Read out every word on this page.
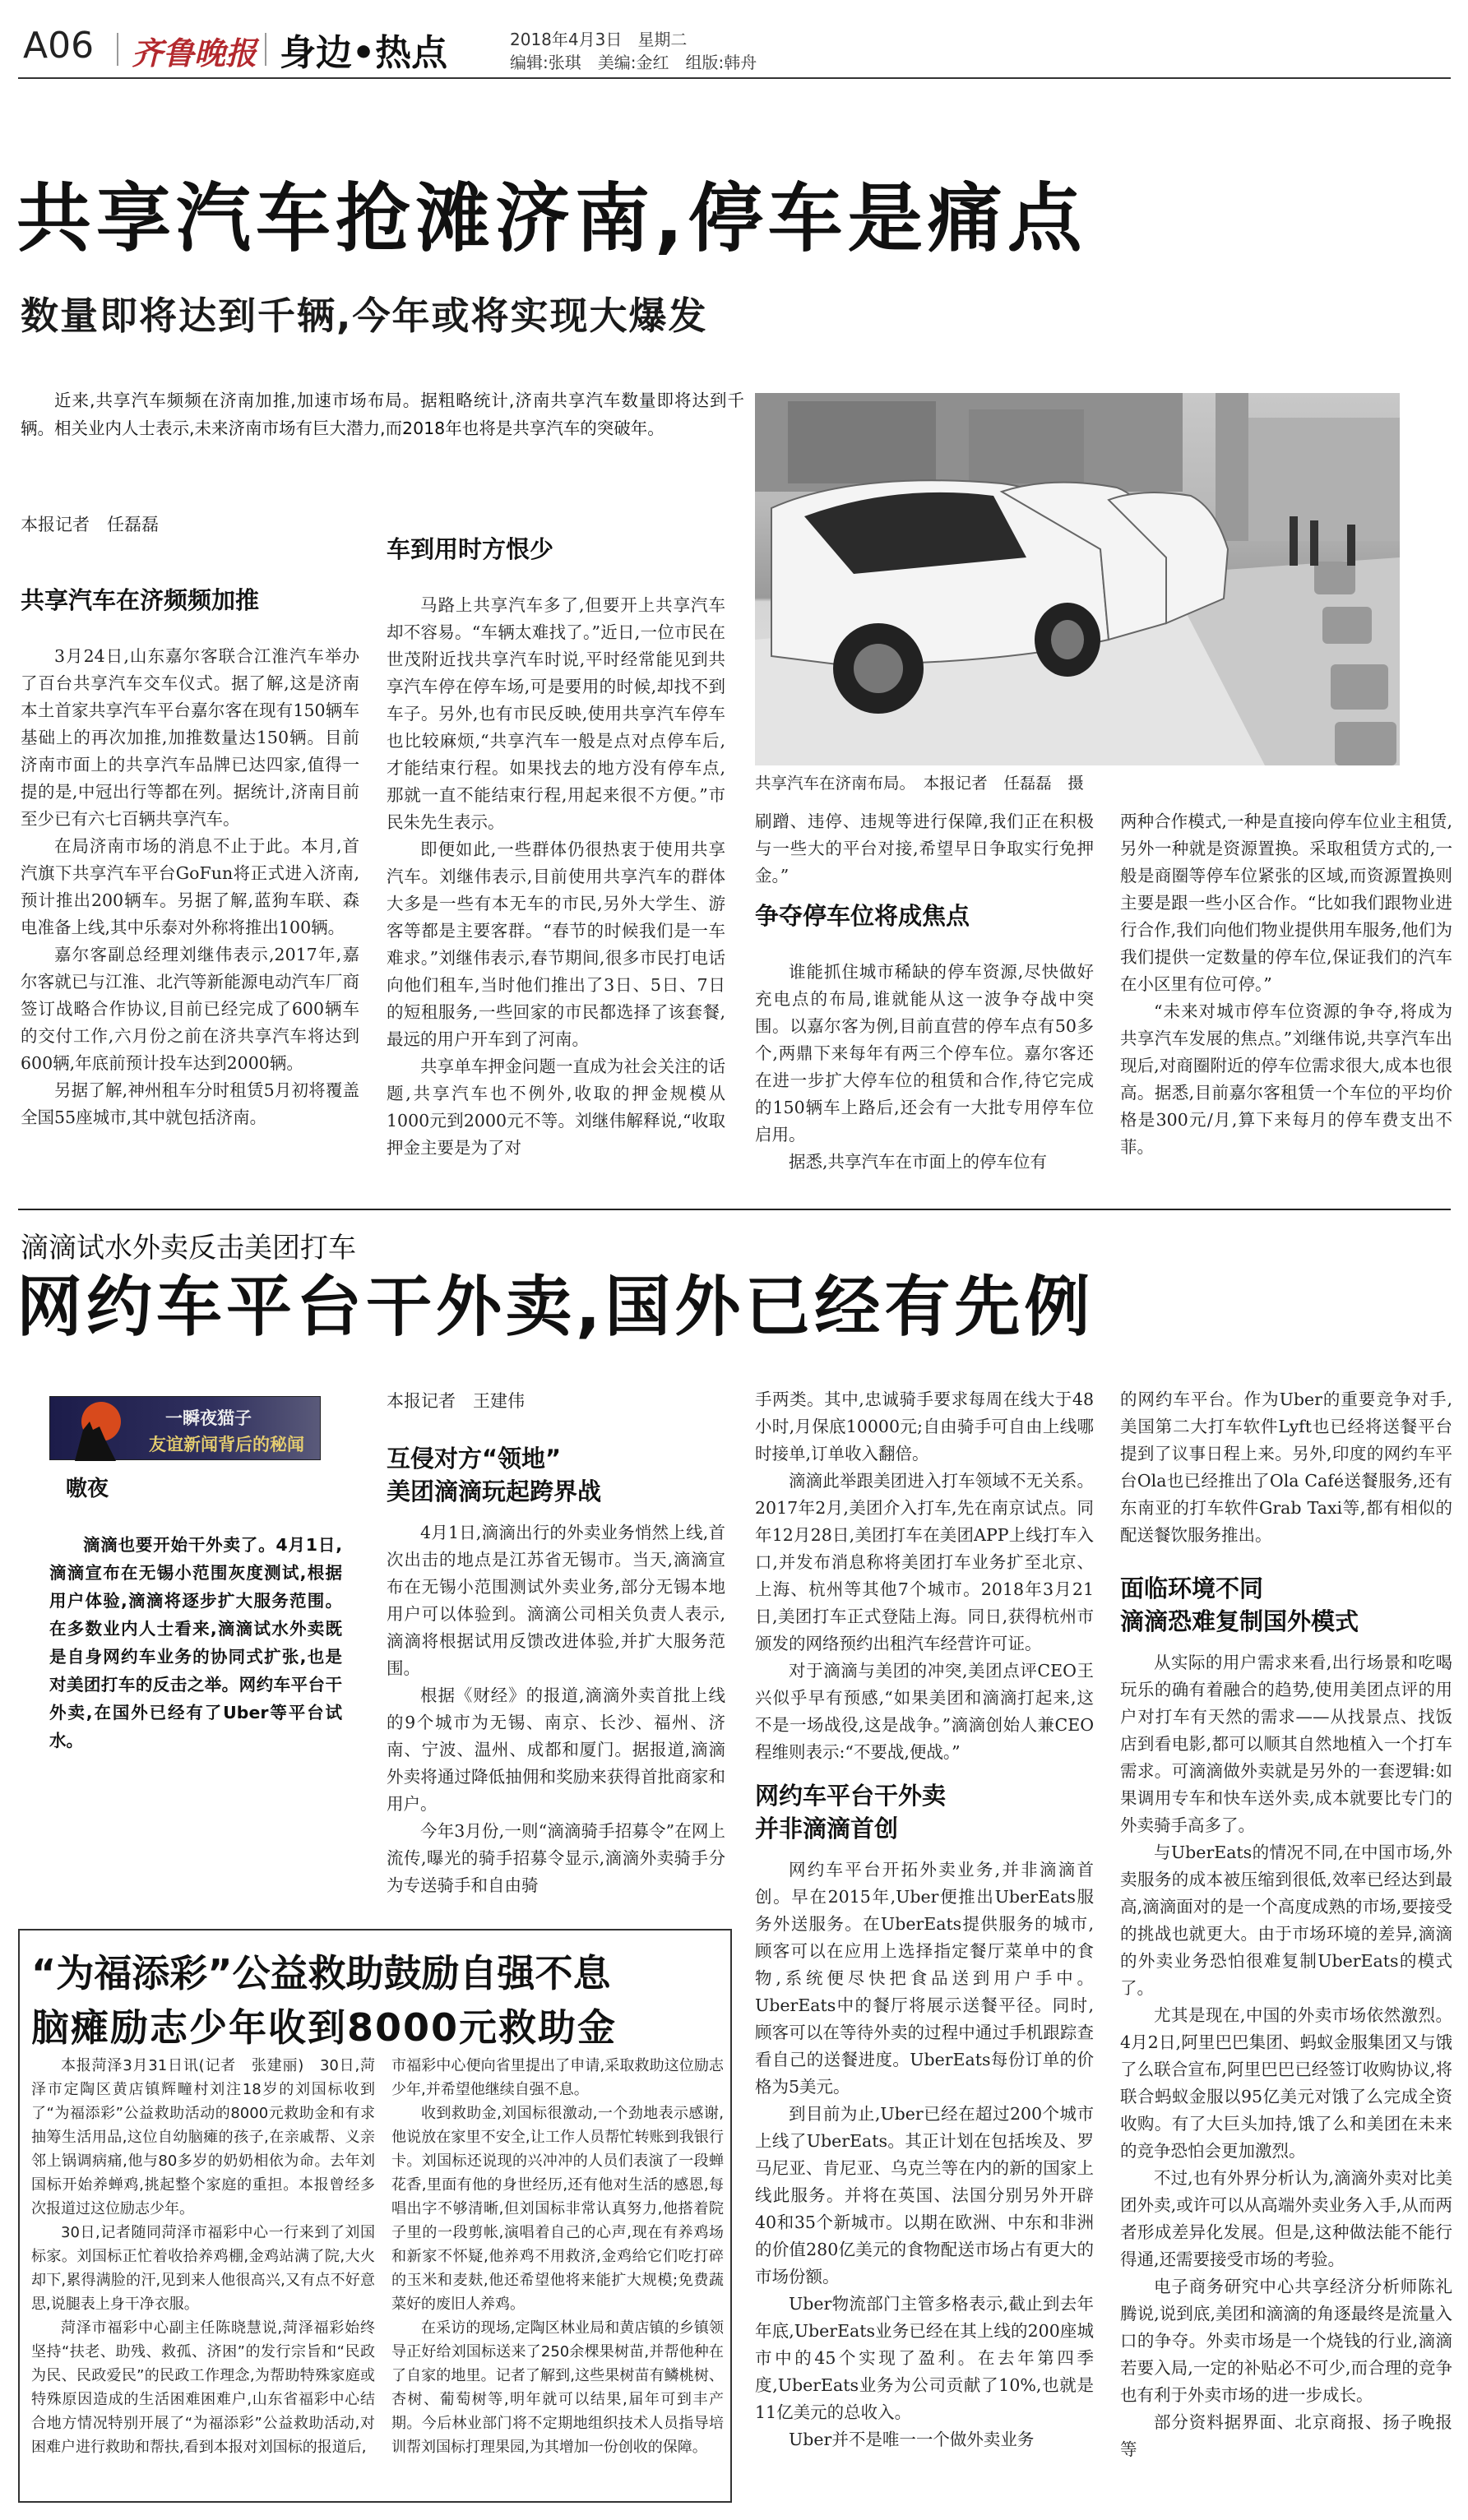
A06 齐鲁晚报 身边•热点	2018年4月3日 星期二
编辑:张琪　美编:金红　组版:韩舟
共享汽车抢滩济南,停车是痛点
数量即将达到千辆,今年或将实现大爆发

近来,共享汽车频频在济南加推,加速市场布局。据粗略统计,济南共享汽车数量即将达到千辆。相关业内人士表示,未来济南市场有巨大潜力,而2018年也将是共享汽车的突破年。

共享汽车在济南布局。　本报记者　任磊磊　摄
本报记者　任磊磊
共享汽车在济频频加推

3月24日,山东嘉尔客联合江淮汽车举办了百台共享汽车交车仪式。据了解,这是济南本土首家共享汽车平台嘉尔客在现有150辆车基础上的再次加推,加推数量达150辆。目前济南市面上的共享汽车品牌已达四家,值得一提的是,中冠出行等都在列。据统计,济南目前至少已有六七百辆共享汽车。

在局济南市场的消息不止于此。本月,首汽旗下共享汽车平台GoFun将正式进入济南,预计推出200辆车。另据了解,蓝狗车联、森电准备上线,其中乐泰对外称将推出100辆。

嘉尔客副总经理刘继伟表示,2017年,嘉尔客就已与江淮、北汽等新能源电动汽车厂商签订战略合作协议,目前已经完成了600辆车的交付工作,六月份之前在济共享汽车将达到600辆,年底前预计投车达到2000辆。

另据了解,神州租车分时租赁5月初将覆盖全国55座城市,其中就包括济南。

车到用时方恨少

马路上共享汽车多了,但要开上共享汽车却不容易。“车辆太难找了。”近日,一位市民在世茂附近找共享汽车时说,平时经常能见到共享汽车停在停车场,可是要用的时候,却找不到车子。另外,也有市民反映,使用共享汽车停车也比较麻烦,“共享汽车一般是点对点停车后,才能结束行程。如果找去的地方没有停车点,那就一直不能结束行程,用起来很不方便。”市民朱先生表示。

即便如此,一些群体仍很热衷于使用共享汽车。刘继伟表示,目前使用共享汽车的群体大多是一些有本无车的市民,另外大学生、游客等都是主要客群。“春节的时候我们是一车难求。”刘继伟表示,春节期间,很多市民打电话向他们租车,当时他们推出了3日、5日、7日的短租服务,一些回家的市民都选择了该套餐,最远的用户开车到了河南。

共享单车押金问题一直成为社会关注的话题,共享汽车也不例外,收取的押金规模从1000元到2000元不等。刘继伟解释说,“收取押金主要是为了对

刷蹭、违停、违规等进行保障,我们正在积极与一些大的平台对接,希望早日争取实行免押金。”

争夺停车位将成焦点

谁能抓住城市稀缺的停车资源,尽快做好充电点的布局,谁就能从这一波争夺战中突围。以嘉尔客为例,目前直营的停车点有50多个,两鼎下来每年有两三个停车位。嘉尔客还在进一步扩大停车位的租赁和合作,待它完成的150辆车上路后,还会有一大批专用停车位启用。

据悉,共享汽车在市面上的停车位有

两种合作模式,一种是直接向停车位业主租赁,另外一种就是资源置换。采取租赁方式的,一般是商圈等停车位紧张的区域,而资源置换则主要是跟一些小区合作。“比如我们跟物业进行合作,我们向他们物业提供用车服务,他们为我们提供一定数量的停车位,保证我们的汽车在小区里有位可停。”

“未来对城市停车位资源的争夺,将成为共享汽车发展的焦点。”刘继伟说,共享汽车出现后,对商圈附近的停车位需求很大,成本也很高。据悉,目前嘉尔客租赁一个车位的平均价格是300元/月,算下来每月的停车费支出不菲。

滴滴试水外卖反击美团打车
网约车平台干外卖,国外已经有先例
一瞬夜猫子
友谊新闻背后的秘闻
嗷夜

滴滴也要开始干外卖了。4月1日,滴滴宣布在无锡小范围灰度测试,根据用户体验,滴滴将逐步扩大服务范围。在多数业内人士看来,滴滴试水外卖既是自身网约车业务的协同式扩张,也是对美团打车的反击之举。网约车平台干外卖,在国外已经有了Uber等平台试水。

本报记者　王建伟
互侵对方“领地”
美团滴滴玩起跨界战

4月1日,滴滴出行的外卖业务悄然上线,首次出击的地点是江苏省无锡市。当天,滴滴宣布在无锡小范围测试外卖业务,部分无锡本地用户可以体验到。滴滴公司相关负责人表示,滴滴将根据试用反馈改进体验,并扩大服务范围。

根据《财经》的报道,滴滴外卖首批上线的9个城市为无锡、南京、长沙、福州、济南、宁波、温州、成都和厦门。据报道,滴滴外卖将通过降低抽佣和奖励来获得首批商家和用户。

今年3月份,一则“滴滴骑手招募令”在网上流传,曝光的骑手招募令显示,滴滴外卖骑手分为专送骑手和自由骑

手两类。其中,忠诚骑手要求每周在线大于48小时,月保底10000元;自由骑手可自由上线哪时接单,订单收入翻倍。

滴滴此举跟美团进入打车领域不无关系。2017年2月,美团介入打车,先在南京试点。同年12月28日,美团打车在美团APP上线打车入口,并发布消息称将美团打车业务扩至北京、上海、杭州等其他7个城市。2018年3月21日,美团打车正式登陆上海。同日,获得杭州市颁发的网络预约出租汽车经营许可证。

对于滴滴与美团的冲突,美团点评CEO王兴似乎早有预感,“如果美团和滴滴打起来,这不是一场战役,这是战争。”滴滴创始人兼CEO程维则表示:“不要战,便战。”

网约车平台干外卖
并非滴滴首创

网约车平台开拓外卖业务,并非滴滴首创。早在2015年,Uber便推出UberEats服务外送服务。在UberEats提供服务的城市,顾客可以在应用上选择指定餐厅菜单中的食物,系统便尽快把食品送到用户手中。UberEats中的餐厅将展示送餐平径。同时,顾客可以在等待外卖的过程中通过手机跟踪查看自己的送餐进度。UberEats每份订单的价格为5美元。

到目前为止,Uber已经在超过200个城市上线了UberEats。其正计划在包括埃及、罗马尼亚、肯尼亚、乌克兰等在内的新的国家上线此服务。并将在英国、法国分别另外开辟40和35个新城市。以期在欧洲、中东和非洲的价值280亿美元的食物配送市场占有更大的市场份额。

Uber物流部门主管多格表示,截止到去年年底,UberEats业务已经在其上线的200座城市中的45个实现了盈利。在去年第四季度,UberEats业务为公司贡献了10%,也就是11亿美元的总收入。

Uber并不是唯一一个做外卖业务

的网约车平台。作为Uber的重要竞争对手,美国第二大打车软件Lyft也已经将送餐平台提到了议事日程上来。另外,印度的网约车平台Ola也已经推出了Ola Café送餐服务,还有东南亚的打车软件Grab Taxi等,都有相似的配送餐饮服务推出。

面临环境不同
滴滴恐难复制国外模式

从实际的用户需求来看,出行场景和吃喝玩乐的确有着融合的趋势,使用美团点评的用户对打车有天然的需求——从找景点、找饭店到看电影,都可以顺其自然地植入一个打车需求。可滴滴做外卖就是另外的一套逻辑:如果调用专车和快车送外卖,成本就要比专门的外卖骑手高多了。

与UberEats的情况不同,在中国市场,外卖服务的成本被压缩到很低,效率已经达到最高,滴滴面对的是一个高度成熟的市场,要接受的挑战也就更大。由于市场环境的差异,滴滴的外卖业务恐怕很难复制UberEats的模式了。

尤其是现在,中国的外卖市场依然激烈。4月2日,阿里巴巴集团、蚂蚁金服集团又与饿了么联合宣布,阿里巴巴已经签订收购协议,将联合蚂蚁金服以95亿美元对饿了么完成全资收购。有了大巨头加持,饿了么和美团在未来的竞争恐怕会更加激烈。

不过,也有外界分析认为,滴滴外卖对比美团外卖,或许可以从高端外卖业务入手,从而两者形成差异化发展。但是,这种做法能不能行得通,还需要接受市场的考验。

电子商务研究中心共享经济分析师陈礼腾说,说到底,美团和滴滴的角逐最终是流量入口的争夺。外卖市场是一个烧钱的行业,滴滴若要入局,一定的补贴必不可少,而合理的竞争也有利于外卖市场的进一步成长。

部分资料据界面、北京商报、扬子晚报等

“为福添彩”公益救助鼓励自强不息
脑瘫励志少年收到8000元救助金

本报菏泽3月31日讯(记者　张建丽)　30日,菏泽市定陶区黄店镇辉疃村刘注18岁的刘国标收到了“为福添彩”公益救助活动的8000元救助金和有求抽筹生活用品,这位自幼脑瘫的孩子,在亲戚帮、义亲邻上锅调病痛,他与80多岁的奶奶相依为命。去年刘国标开始养蝉鸡,挑起整个家庭的重担。本报曾经多次报道过这位励志少年。

30日,记者随同菏泽市福彩中心一行来到了刘国标家。刘国标正忙着收拾养鸡棚,金鸡站满了院,大火却下,累得满脸的汗,见到来人他很高兴,又有点不好意思,说腿表上身干净衣服。

菏泽市福彩中心副主任陈晓慧说,菏泽福彩始终坚持“扶老、助残、救孤、济困”的发行宗旨和“民政为民、民政爱民”的民政工作理念,为帮助特殊家庭或特殊原因造成的生活困难困难户,山东省福彩中心结合地方情况特别开展了“为福添彩”公益救助活动,对困难户进行救助和帮扶,看到本报对刘国标的报道后,

市福彩中心便向省里提出了申请,采取救助这位励志少年,并希望他继续自强不息。

收到救助金,刘国标很激动,一个劲地表示感谢,他说放在家里不安全,让工作人员帮忙转账到我银行卡。刘国标还说现的兴冲冲的人员们表演了一段蝉花香,里面有他的身世经历,还有他对生活的感恩,每唱出字不够清晰,但刘国标非常认真努力,他搭着院子里的一段剪帐,演唱着自己的心声,现在有养鸡场和新家不怀疑,他养鸡不用救济,金鸡给它们吃打碎的玉米和麦麸,他还希望他将来能扩大规模;免费蔬菜好的废旧人养鸡。

在采访的现场,定陶区林业局和黄店镇的乡镇领导正好给刘国标送来了250余棵果树苗,并帮他种在了自家的地里。记者了解到,这些果树苗有鳞桃树、杏树、葡萄树等,明年就可以结果,届年可到丰产期。今后林业部门将不定期地组织技术人员指导培训帮刘国标打理果园,为其增加一份创收的保障。
